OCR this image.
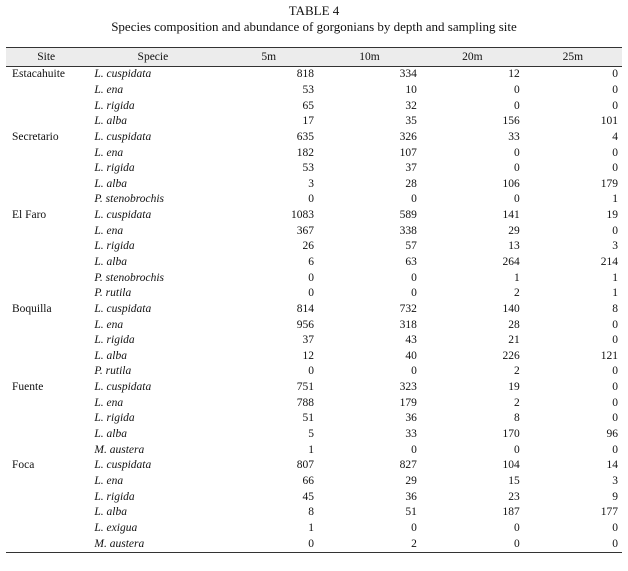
TABLE 4
Species composition and abundance of gorgonians by depth and sampling site
Site	Specie	5m	10m	20m	25m
Estacahuite	L. cuspidata	818	334	12	0
	L. ena	53	10	0	0
	L. rigida	65	32	0	0
	L. alba	17	35	156	101
Secretario	L. cuspidata	635	326	33	4
	L. ena	182	107	0	0
	L. rigida	53	37	0	0
	L. alba	3	28	106	179
	P. stenobrochis	0	0	0	1
El Faro	L. cuspidata	1083	589	141	19
	L. ena	367	338	29	0
	L. rigida	26	57	13	3
	L. alba	6	63	264	214
	P. stenobrochis	0	0	1	1
	P. rutila	0	0	2	1
Boquilla	L. cuspidata	814	732	140	8
	L. ena	956	318	28	0
	L. rigida	37	43	21	0
	L. alba	12	40	226	121
	P. rutila	0	0	2	0
Fuente	L. cuspidata	751	323	19	0
	L. ena	788	179	2	0
	L. rigida	51	36	8	0
	L. alba	5	33	170	96
	M. austera	1	0	0	0
Foca	L. cuspidata	807	827	104	14
	L. ena	66	29	15	3
	L. rigida	45	36	23	9
	L. alba	8	51	187	177
	L. exigua	1	0	0	0
	M. austera	0	2	0	0
